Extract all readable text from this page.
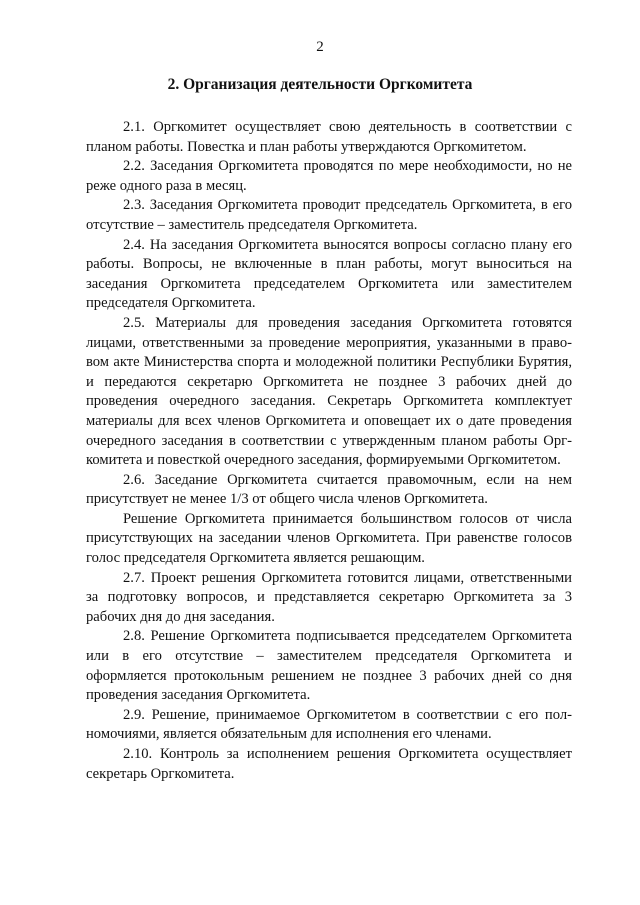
2
2. Организация деятельности Оргкомитета

2.1. Оргкомитет осуществляет свою деятельность в соответствии с планом работы. Повестка и план работы утверждаются Оргкомитетом.

2.2. Заседания Оргкомитета проводятся по мере необходимости, но не реже одного раза в месяц.

2.3. Заседания Оргкомитета проводит председатель Оргкомитета, в его отсутствие – заместитель председателя Оргкомитета.

2.4. На заседания Оргкомитета выносятся вопросы согласно плану его работы. Вопросы, не включенные в план работы, могут выноситься на заседания Оргкомитета председателем Оргкомитета или заместителем председателя Оргкомитета.

2.5. Материалы для проведения заседания Оргкомитета готовятся лицами, ответственными за проведение мероприятия, указанными в правовом акте Министерства спорта и молодежной политики Республики Бурятия, и передаются секретарю Оргкомитета не позднее 3 рабочих дней до проведения очередного заседания. Секретарь Оргкомитета комплектует материалы для всех членов Оргкомитета и оповещает их о дате проведения очередного заседания в соответствии с утвержденным планом работы Оргкомитета и повесткой очередного заседания, формируемыми Оргкомитетом.

2.6. Заседание Оргкомитета считается правомочным, если на нем присутствует не менее 1/3 от общего числа членов Оргкомитета.

Решение Оргкомитета принимается большинством голосов от числа присутствующих на заседании членов Оргкомитета. При равенстве голосов голос председателя Оргкомитета является решающим.

2.7. Проект решения Оргкомитета готовится лицами, ответственными за подготовку вопросов, и представляется секретарю Оргкомитета за 3 рабочих дня до дня заседания.

2.8. Решение Оргкомитета подписывается председателем Оргкомитета или в его отсутствие – заместителем председателя Оргкомитета и оформляется протокольным решением не позднее 3 рабочих дней со дня проведения заседания Оргкомитета.

2.9. Решение, принимаемое Оргкомитетом в соответствии с его полномочиями, является обязательным для исполнения его членами.

2.10. Контроль за исполнением решения Оргкомитета осуществляет секретарь Оргкомитета.
